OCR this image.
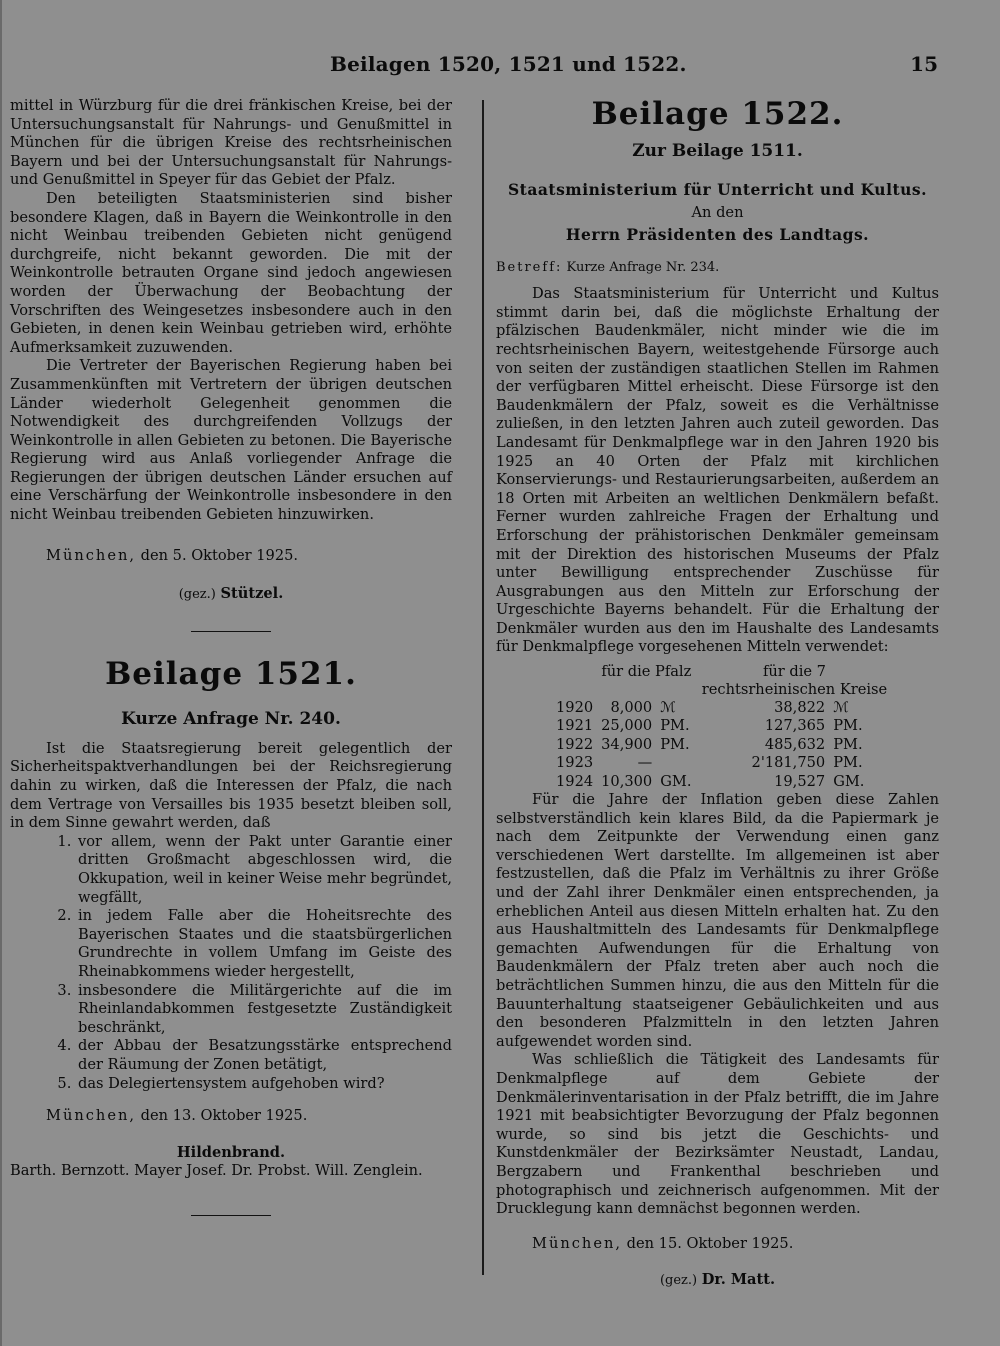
Beilagen 1520, 1521 und 1522.	15

mittel in Würzburg für die drei fränkischen Kreise, bei der Untersuchungsanstalt für Nahrungs- und Genußmittel in München für die übrigen Kreise des rechtsrheinischen Bayern und bei der Untersuchungsanstalt für Nahrungs- und Genußmittel in Speyer für das Gebiet der Pfalz.

Den beteiligten Staatsministerien sind bisher besondere Klagen, daß in Bayern die Weinkontrolle in den nicht Weinbau treibenden Gebieten nicht genügend durchgreife, nicht bekannt geworden. Die mit der Weinkontrolle betrauten Organe sind jedoch angewiesen worden der Überwachung der Beobachtung der Vorschriften des Weingesetzes insbesondere auch in den Gebieten, in denen kein Weinbau getrieben wird, erhöhte Aufmerksamkeit zuzuwenden.

Die Vertreter der Bayerischen Regierung haben bei Zusammenkünften mit Vertretern der übrigen deutschen Länder wiederholt Gelegenheit genommen die Notwendigkeit des durchgreifenden Vollzugs der Weinkontrolle in allen Gebieten zu betonen. Die Bayerische Regierung wird aus Anlaß vorliegender Anfrage die Regierungen der übrigen deutschen Länder ersuchen auf eine Verschärfung der Weinkontrolle insbesondere in den nicht Weinbau treibenden Gebieten hinzuwirken.

München, den 5. Oktober 1925.

(gez.) Stützel.

Beilage 1521.
Kurze Anfrage Nr. 240.

Ist die Staatsregierung bereit gelegentlich der Sicherheitspaktverhandlungen bei der Reichsregierung dahin zu wirken, daß die Interessen der Pfalz, die nach dem Vertrage von Versailles bis 1935 besetzt bleiben soll, in dem Sinne gewahrt werden, daß

1. vor allem, wenn der Pakt unter Garantie einer dritten Großmacht abgeschlossen wird, die Okkupation, weil in keiner Weise mehr begründet, wegfällt,
2. in jedem Falle aber die Hoheitsrechte des Bayerischen Staates und die staatsbürgerlichen Grundrechte in vollem Umfang im Geiste des Rheinabkommens wieder hergestellt,
3. insbesondere die Militärgerichte auf die im Rheinlandabkommen festgesetzte Zuständigkeit beschränkt,
4. der Abbau der Besatzungsstärke entsprechend der Räumung der Zonen betätigt,
5. das Delegiertensystem aufgehoben wird?

München, den 13. Oktober 1925.

Hildenbrand.

Barth. Bernzott. Mayer Josef. Dr. Probst. Will. Zenglein.

Beilage 1522.
Zur Beilage 1511.
Staatsministerium für Unterricht und Kultus.
An den
Herrn Präsidenten des Landtags.

Betreff: Kurze Anfrage Nr. 234.

Das Staatsministerium für Unterricht und Kultus stimmt darin bei, daß die möglichste Erhaltung der pfälzischen Baudenkmäler, nicht minder wie die im rechtsrheinischen Bayern, weitestgehende Fürsorge auch von seiten der zuständigen staatlichen Stellen im Rahmen der verfügbaren Mittel erheischt. Diese Fürsorge ist den Baudenkmälern der Pfalz, soweit es die Verhältnisse zuließen, in den letzten Jahren auch zuteil geworden. Das Landesamt für Denkmalpflege war in den Jahren 1920 bis 1925 an 40 Orten der Pfalz mit kirchlichen Konservierungs- und Restaurierungsarbeiten, außerdem an 18 Orten mit Arbeiten an weltlichen Denkmälern befaßt. Ferner wurden zahlreiche Fragen der Erhaltung und Erforschung der prähistorischen Denkmäler gemeinsam mit der Direktion des historischen Museums der Pfalz unter Bewilligung entsprechender Zuschüsse für Ausgrabungen aus den Mitteln zur Erforschung der Urgeschichte Bayerns behandelt. Für die Erhaltung der Denkmäler wurden aus den im Haushalte des Landesamts für Denkmalpflege vorgesehenen Mitteln verwendet:

	für die Pfalz		für die 7 rechtsrheinischen Kreise	
1920	8,000	ℳ	38,822	ℳ
1921	25,000	PM.	127,365	PM.
1922	34,900	PM.	485,632	PM.
1923	—		2'181,750	PM.
1924	10,300	GM.	19,527	GM.

Für die Jahre der Inflation geben diese Zahlen selbstverständlich kein klares Bild, da die Papiermark je nach dem Zeitpunkte der Verwendung einen ganz verschiedenen Wert darstellte. Im allgemeinen ist aber festzustellen, daß die Pfalz im Verhältnis zu ihrer Größe und der Zahl ihrer Denkmäler einen entsprechenden, ja erheblichen Anteil aus diesen Mitteln erhalten hat. Zu den aus Haushaltmitteln des Landesamts für Denkmalpflege gemachten Aufwendungen für die Erhaltung von Baudenkmälern der Pfalz treten aber auch noch die beträchtlichen Summen hinzu, die aus den Mitteln für die Bauunterhaltung staatseigener Gebäulichkeiten und aus den besonderen Pfalzmitteln in den letzten Jahren aufgewendet worden sind.

Was schließlich die Tätigkeit des Landesamts für Denkmalpflege auf dem Gebiete der Denkmälerinventarisation in der Pfalz betrifft, die im Jahre 1921 mit beabsichtigter Bevorzugung der Pfalz begonnen wurde, so sind bis jetzt die Geschichts- und Kunstdenkmäler der Bezirksämter Neustadt, Landau, Bergzabern und Frankenthal beschrieben und photographisch und zeichnerisch aufgenommen. Mit der Drucklegung kann demnächst begonnen werden.

München, den 15. Oktober 1925.

(gez.) Dr. Matt.
